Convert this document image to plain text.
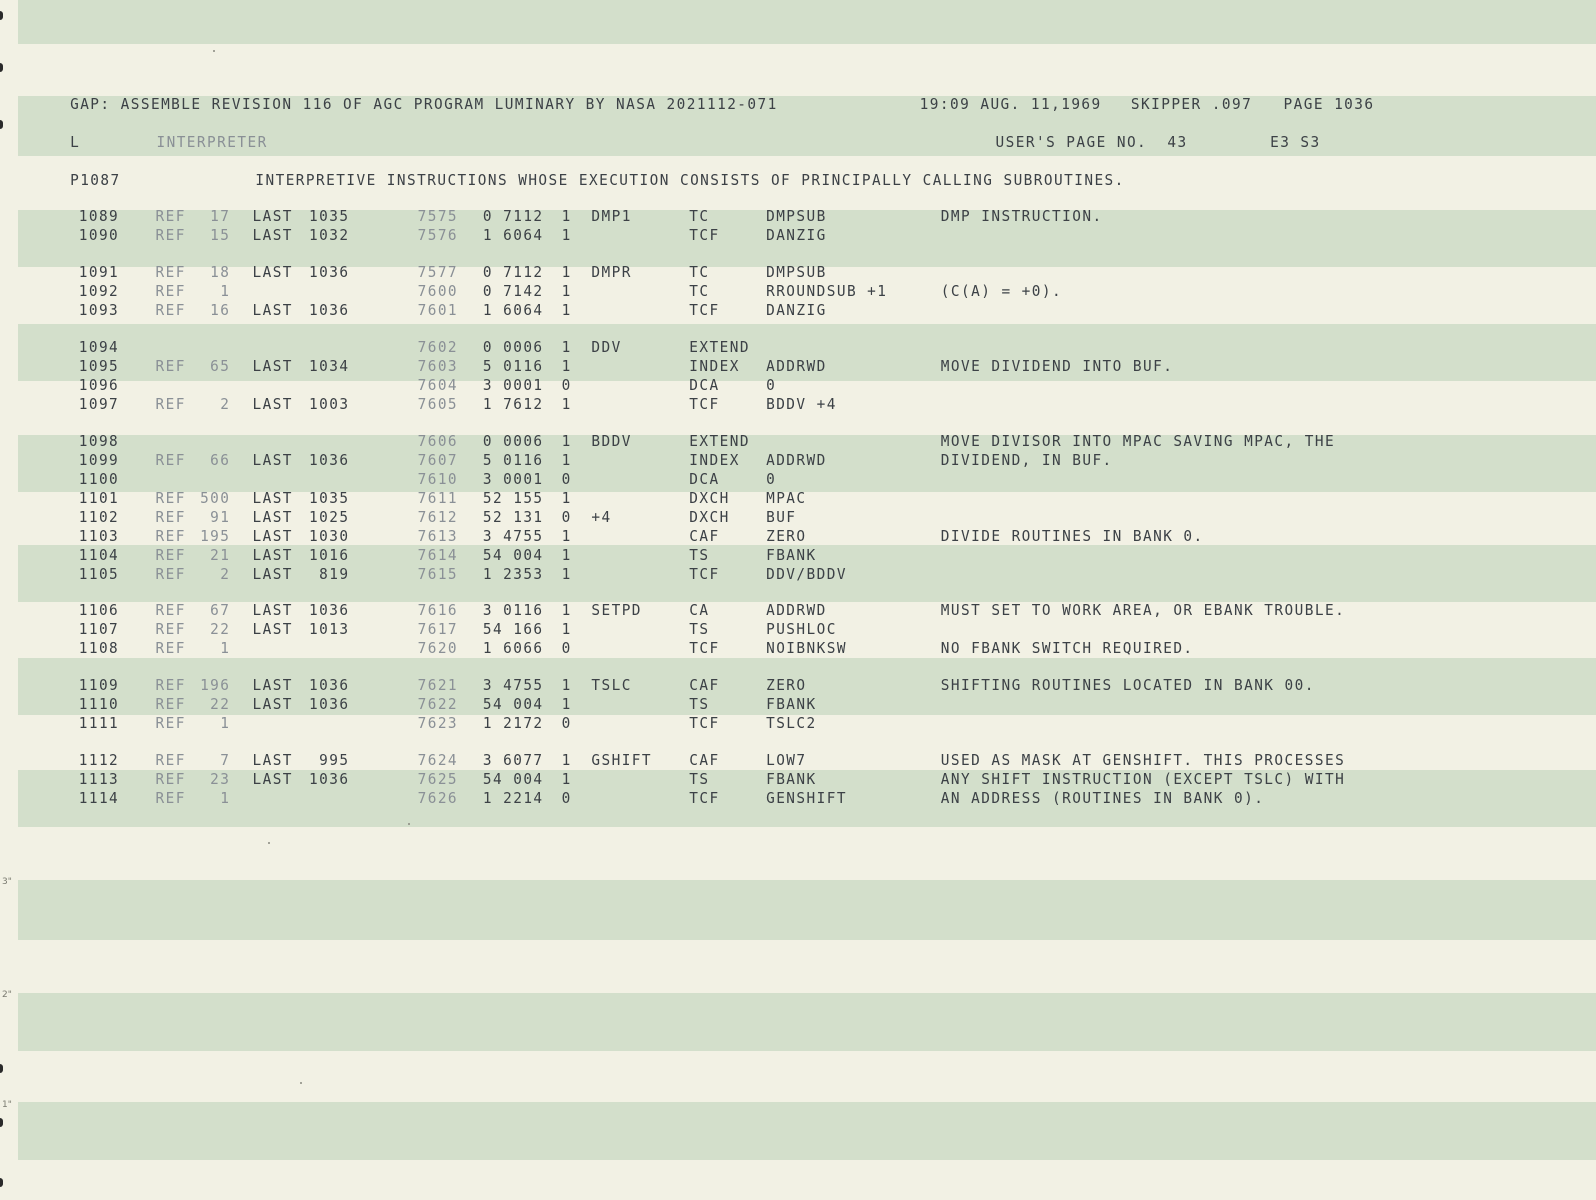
3"
2"
1"

GAP: ASSEMBLE REVISION 116 OF AGC PROGRAM LUMINARY BY NASA 2021112-071

	19:09 AUG. 11,1969

SKIPPER .097

PAGE 1036

L

	INTERPRETER

	USER'S PAGE NO.  43

	E3 S3

P1087

	INTERPRETIVE INSTRUCTIONS WHOSE EXECUTION CONSISTS OF PRINCIPALLY CALLING SUBROUTINES.

1089 REF 17 LAST 1035	7575 0 7112 1 DMP1	TC	DMPSUB	DMP INSTRUCTION.
1090 REF 15 LAST 1032	7576 1 6064 1	TCF	DANZIG
1091 REF 18 LAST 1036	7577 0 7112 1 DMPR	TC	DMPSUB
1092 REF 1	7600 0 7142 1	TC	RROUNDSUB +1	(C(A) = +0).
1093 REF 16 LAST 1036	7601 1 6064 1	TCF	DANZIG
1094	7602 0 0006 1 DDV	EXTEND
1095 REF 65 LAST 1034	7603 5 0116 1	INDEX ADDRWD	MOVE DIVIDEND INTO BUF.
1096	7604 3 0001 0	DCA	0
1097 REF 2 LAST 1003	7605 1 7612 1	TCF	BDDV +4
1098	7606 0 0006 1 BDDV	EXTEND	MOVE DIVISOR INTO MPAC SAVING MPAC, THE
1099 REF 66 LAST 1036	7607 5 0116 1	INDEX ADDRWD	DIVIDEND, IN BUF.
1100	7610 3 0001 0	DCA	0
1101 REF 500 LAST 1035	7611 52 155 1	DXCH MPAC
1102 REF 91 LAST 1025	7612 52 131 0 +4	DXCH BUF
1103 REF 195 LAST 1030	7613 3 4755 1	CAF	ZERO	DIVIDE ROUTINES IN BANK 0.
1104 REF 21 LAST 1016	7614 54 004 1	TS	FBANK
1105 REF 2 LAST 819	7615 1 2353 1	TCF	DDV/BDDV
1106 REF 67 LAST 1036	7616 3 0116 1 SETPD	CA	ADDRWD	MUST SET TO WORK AREA, OR EBANK TROUBLE.
1107 REF 22 LAST 1013	7617 54 166 1	TS	PUSHLOC
1108 REF 1	7620 1 6066 0	TCF	NOIBNKSW	NO FBANK SWITCH REQUIRED.
1109 REF 196 LAST 1036	7621 3 4755 1 TSLC	CAF	ZERO	SHIFTING ROUTINES LOCATED IN BANK 00.
1110 REF 22 LAST 1036	7622 54 004 1	TS	FBANK
1111 REF 1	7623 1 2172 0	TCF	TSLC2
1112 REF 7 LAST 995	7624 3 6077 1 GSHIFT CAF	LOW7	USED AS MASK AT GENSHIFT. THIS PROCESSES
1113 REF 23 LAST 1036	7625 54 004 1	TS	FBANK	ANY SHIFT INSTRUCTION (EXCEPT TSLC) WITH
1114 REF 1	7626 1 2214 0	TCF	GENSHIFT	AN ADDRESS (ROUTINES IN BANK 0).
